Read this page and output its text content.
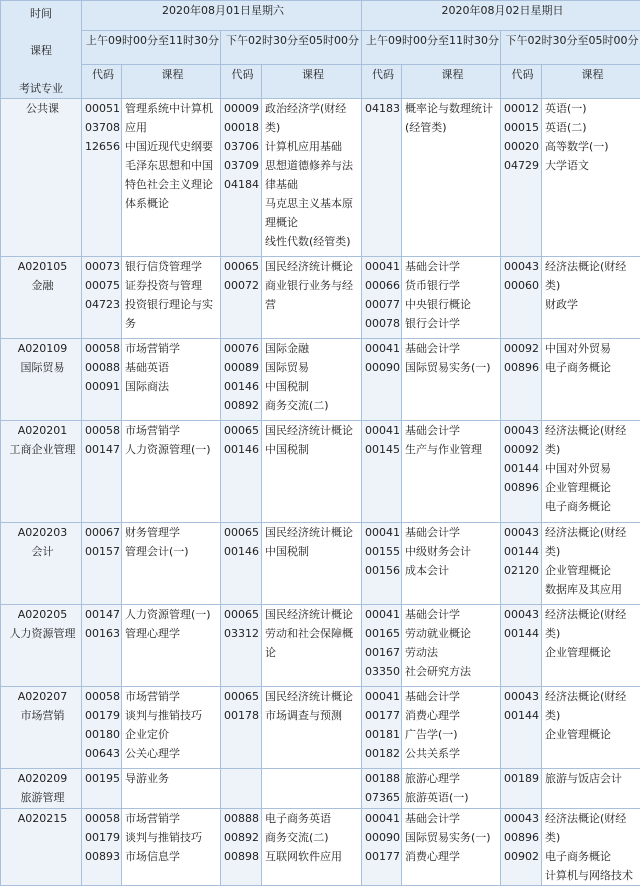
时间
课程
考试专业	2020年08月01日星期六				2020年08月02日星期日			
	上午09时00分至11时30分		下午02时30分至05时00分		上午09时00分至11时30分		下午02时30分至05时00分	
	代码	课程	代码	课程	代码	课程	代码	课程

公共课	00051
03708
12656	管理系统中计算机应用
中国近现代史纲要
毛泽东思想和中国特色社会主义理论体系概论	00009
00018
03706
03709
04184	政治经济学(财经类)
计算机应用基础
思想道德修养与法律基础
马克思主义基本原理概论
线性代数(经管类)	04183	概率论与数理统计(经管类)	00012
00015
00020
04729	英语(一)
英语(二)
高等数学(一)
大学语文

A020105
金融	00073
00075
04723	银行信贷管理学
证券投资与管理
投资银行理论与实务	00065
00072	国民经济统计概论
商业银行业务与经营	00041
00066
00077
00078	基础会计学
货币银行学
中央银行概论
银行会计学	00043
00060	经济法概论(财经类)
财政学

A020109
国际贸易	00058
00088
00091	市场营销学
基础英语
国际商法	00076
00089
00146
00892	国际金融
国际贸易
中国税制
商务交流(二)	00041
00090	基础会计学
国际贸易实务(一)	00092
00896	中国对外贸易
电子商务概论

A020201
工商企业管理	00058
00147	市场营销学
人力资源管理(一)	00065
00146	国民经济统计概论
中国税制	00041
00145	基础会计学
生产与作业管理	00043
00092
00144
00896	经济法概论(财经类)
中国对外贸易
企业管理概论
电子商务概论

A020203
会计	00067
00157	财务管理学
管理会计(一)	00065
00146	国民经济统计概论
中国税制	00041
00155
00156	基础会计学
中级财务会计
成本会计	00043
00144
02120	经济法概论(财经类)
企业管理概论
数据库及其应用

A020205
人力资源管理	00147
00163	人力资源管理(一)
管理心理学	00065
03312	国民经济统计概论
劳动和社会保障概论	00041
00165
00167
03350	基础会计学
劳动就业概论
劳动法
社会研究方法	00043
00144	经济法概论(财经类)
企业管理概论

A020207
市场营销	00058
00179
00180
00643	市场营销学
谈判与推销技巧
企业定价
公关心理学	00065
00178	国民经济统计概论
市场调查与预测	00041
00177
00181
00182	基础会计学
消费心理学
广告学(一)
公共关系学	00043
00144	经济法概论(财经类)
企业管理概论

A020209
旅游管理	00195	导游业务			00188
07365	旅游心理学
旅游英语(一)	00189	旅游与饭店会计

A020215	00058
00179
00893	市场营销学
谈判与推销技巧
市场信息学	00888
00892
00898	电子商务英语
商务交流(二)
互联网软件应用	00041
00090
00177	基础会计学
国际贸易实务(一)
消费心理学	00043
00896
00902	经济法概论(财经类)
电子商务概论
计算机与网络技术
